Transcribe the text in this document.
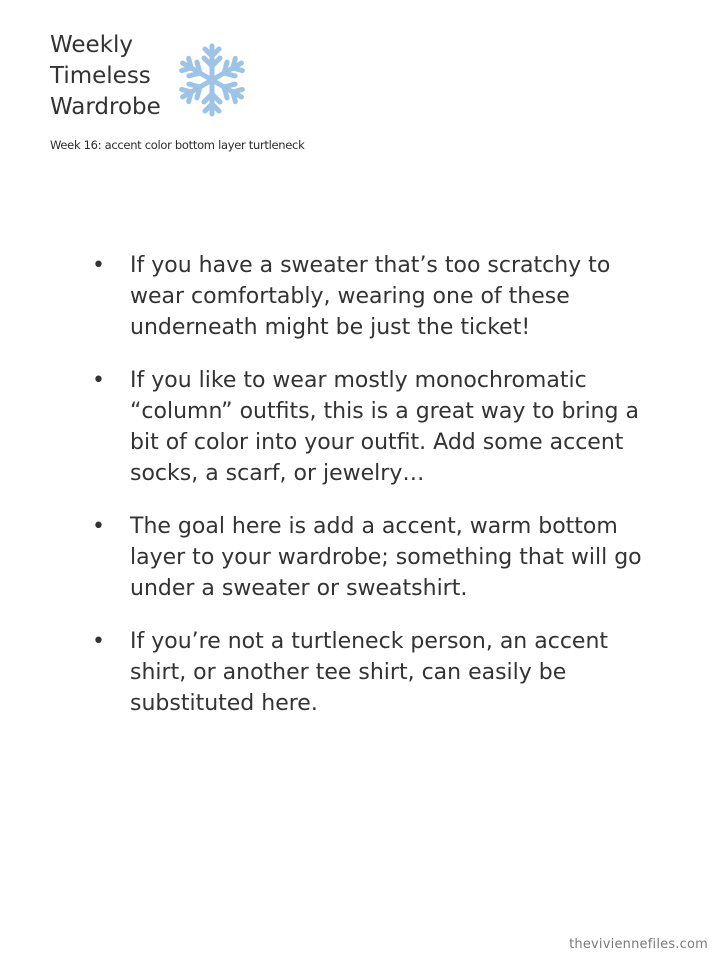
Weekly
Timeless
Wardrobe
Week 16: accent color bottom layer turtleneck
• If you have a sweater that’s too scratchy to wear comfortably, wearing one of these underneath might be just the ticket!
• If you like to wear mostly monochromatic “column” outfits, this is a great way to bring a bit of color into your outfit. Add some accent socks, a scarf, or jewelry…
• The goal here is add a accent, warm bottom layer to your wardrobe; something that will go under a sweater or sweatshirt.
• If you’re not a turtleneck person, an accent shirt, or another tee shirt, can easily be substituted here.
theviviennefiles.com
